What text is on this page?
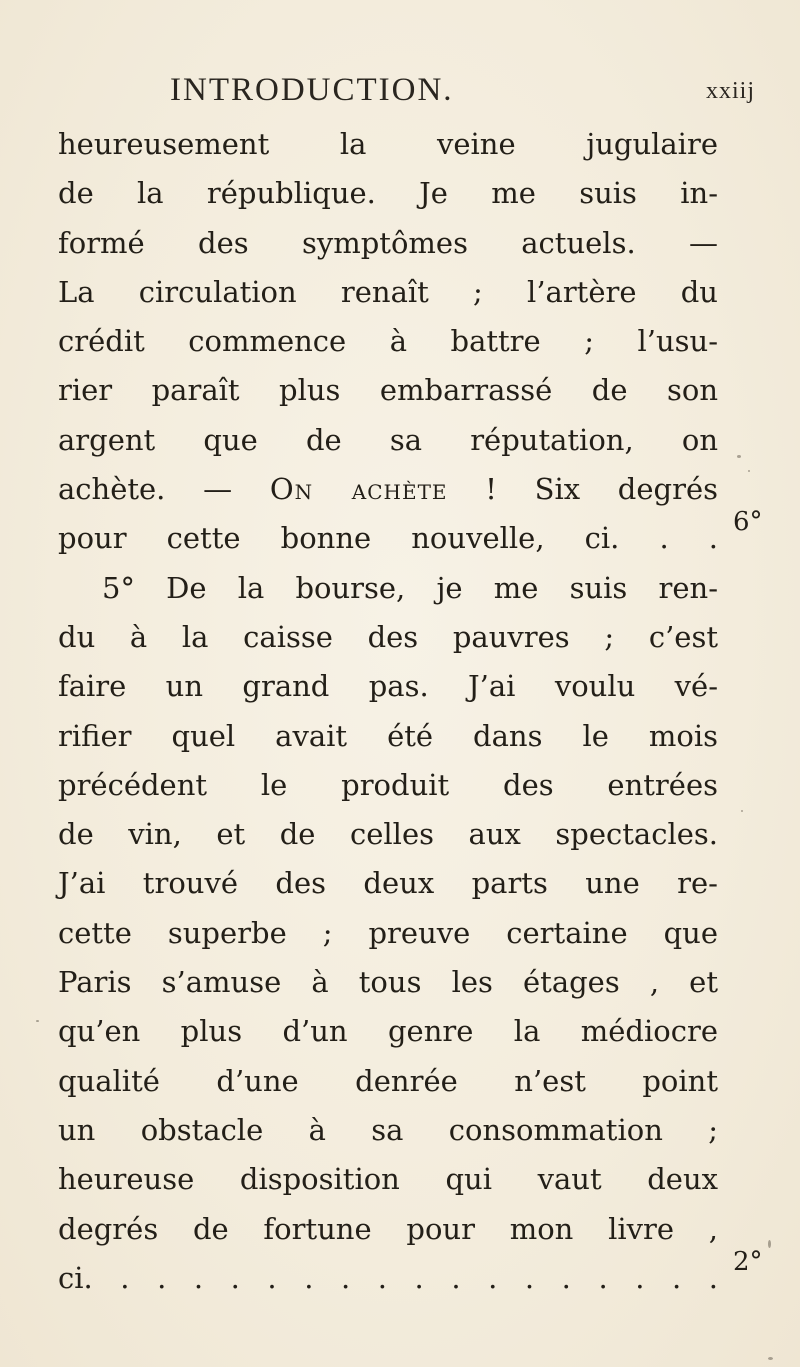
INTRODUCTION.	xxiij
heureusement la veine jugulaire
de la république. Je me suis in-
formé des symptômes actuels. —
La circulation renaît ; l’artère du
crédit commence à battre ; l’usu-
rier paraît plus embarrassé de son
argent que de sa réputation, on
achète. — On achète ! Six degrés
pour cette bonne nouvelle, ci. . .
5° De la bourse, je me suis ren-
du à la caisse des pauvres ; c’est
faire un grand pas. J’ai voulu vé-
rifier quel avait été dans le mois
précédent le produit des entrées
de vin, et de celles aux spectacles.
J’ai trouvé des deux parts une re-
cette superbe ; preuve certaine que
Paris s’amuse à tous les étages , et
qu’en plus d’un genre la médiocre
qualité d’une denrée n’est point
un obstacle à sa consommation ;
heureuse disposition qui vaut deux
degrés de fortune pour mon livre ,
ci. . . . . . . . . . . . . . . . . .
6°
2°
